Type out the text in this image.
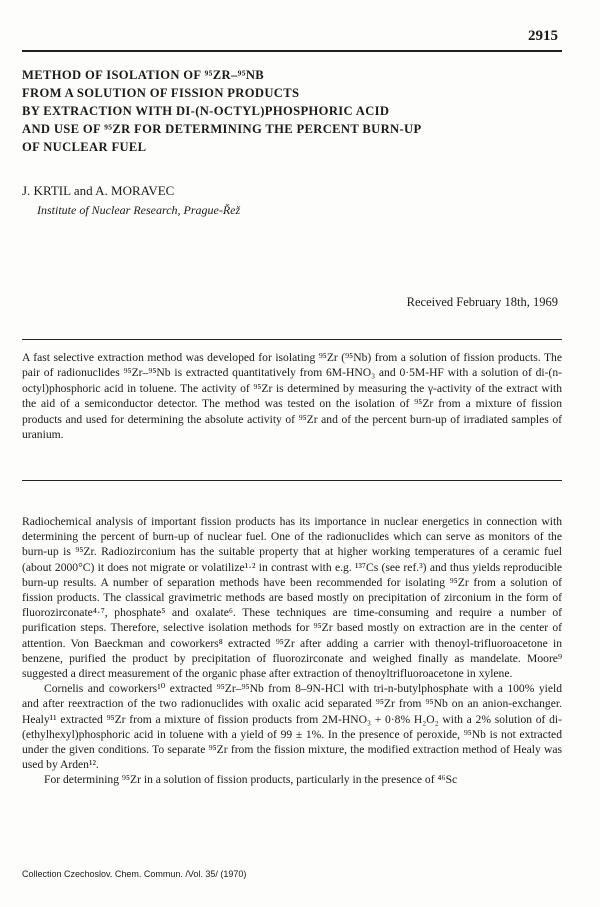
2915
METHOD OF ISOLATION OF ⁹⁵ZR–⁹⁵NB
FROM A SOLUTION OF FISSION PRODUCTS
BY EXTRACTION WITH DI-(N-OCTYL)PHOSPHORIC ACID
AND USE OF ⁹⁵ZR FOR DETERMINING THE PERCENT BURN-UP
OF NUCLEAR FUEL
J. KRTIL and A. MORAVEC
Institute of Nuclear Research, Prague-Řež
Received February 18th, 1969
A fast selective extraction method was developed for isolating ⁹⁵Zr (⁹⁵Nb) from a solution of fission products. The pair of radionuclides ⁹⁵Zr–⁹⁵Nb is extracted quantitatively from 6M-HNO₃ and 0·5M-HF with a solution of di-(n-octyl)phosphoric acid in toluene. The activity of ⁹⁵Zr is determined by measuring the γ-activity of the extract with the aid of a semiconductor detector. The method was tested on the isolation of ⁹⁵Zr from a mixture of fission products and used for determining the absolute activity of ⁹⁵Zr and of the percent burn-up of irradiated samples of uranium.

Radiochemical analysis of important fission products has its importance in nuclear energetics in connection with determining the percent of burn-up of nuclear fuel. One of the radionuclides which can serve as monitors of the burn-up is ⁹⁵Zr. Radiozirconium has the suitable property that at higher working temperatures of a ceramic fuel (about 2000°C) it does not migrate or volatilize¹·² in contrast with e.g. ¹³⁷Cs (see ref.³) and thus yields reproducible burn-up results. A number of separation methods have been recommended for isolating ⁹⁵Zr from a solution of fission products. The classical gravimetric methods are based mostly on precipitation of zirconium in the form of fluorozirconate⁴·⁷, phosphate⁵ and oxalate⁶. These techniques are time-consuming and require a number of purification steps. Therefore, selective isolation methods for ⁹⁵Zr based mostly on extraction are in the center of attention. Von Baeckman and coworkers⁸ extracted ⁹⁵Zr after adding a carrier with thenoyl-trifluoroacetone in benzene, purified the product by precipitation of fluorozirconate and weighed finally as mandelate. Moore⁹ suggested a direct measurement of the organic phase after extraction of thenoyltrifluoroacetone in xylene.

Cornelis and coworkers¹⁰ extracted ⁹⁵Zr–⁹⁵Nb from 8–9N-HCl with tri-n-butylphosphate with a 100% yield and after reextraction of the two radionuclides with oxalic acid separated ⁹⁵Zr from ⁹⁵Nb on an anion-exchanger. Healy¹¹ extracted ⁹⁵Zr from a mixture of fission products from 2M-HNO₃ + 0·8% H₂O₂ with a 2% solution of di-(ethylhexyl)phosphoric acid in toluene with a yield of 99 ± 1%. In the presence of peroxide, ⁹⁵Nb is not extracted under the given conditions. To separate ⁹⁵Zr from the fission mixture, the modified extraction method of Healy was used by Arden¹².

For determining ⁹⁵Zr in a solution of fission products, particularly in the presence of ⁴⁶Sc

Collection Czechoslov. Chem. Commun. /Vol. 35/ (1970)
